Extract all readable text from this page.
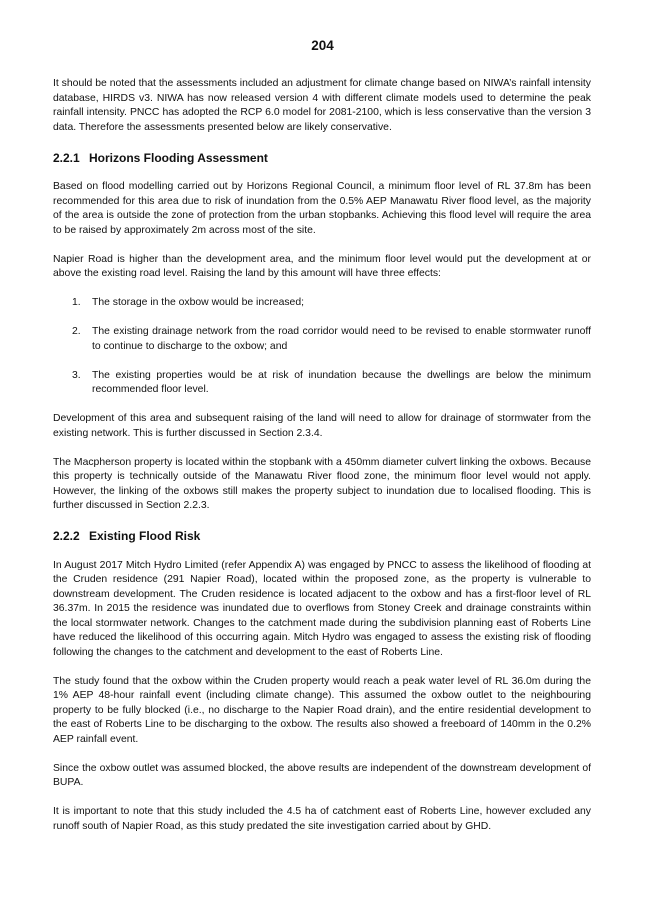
204

It should be noted that the assessments included an adjustment for climate change based on NIWA’s rainfall intensity database, HIRDS v3. NIWA has now released version 4 with different climate models used to determine the peak rainfall intensity. PNCC has adopted the RCP 6.0 model for 2081-2100, which is less conservative than the version 3 data. Therefore the assessments presented below are likely conservative.

2.2.1 Horizons Flooding Assessment

Based on flood modelling carried out by Horizons Regional Council, a minimum floor level of RL 37.8m has been recommended for this area due to risk of inundation from the 0.5% AEP Manawatu River flood level, as the majority of the area is outside the zone of protection from the urban stopbanks. Achieving this flood level will require the area to be raised by approximately 2m across most of the site.

Napier Road is higher than the development area, and the minimum floor level would put the development at or above the existing road level. Raising the land by this amount will have three effects:

1. The storage in the oxbow would be increased;
2. The existing drainage network from the road corridor would need to be revised to enable stormwater runoff to continue to discharge to the oxbow; and
3. The existing properties would be at risk of inundation because the dwellings are below the minimum recommended floor level.

Development of this area and subsequent raising of the land will need to allow for drainage of stormwater from the existing network. This is further discussed in Section 2.3.4.

The Macpherson property is located within the stopbank with a 450mm diameter culvert linking the oxbows. Because this property is technically outside of the Manawatu River flood zone, the minimum floor level would not apply. However, the linking of the oxbows still makes the property subject to inundation due to localised flooding. This is further discussed in Section 2.2.3.

2.2.2 Existing Flood Risk

In August 2017 Mitch Hydro Limited (refer Appendix A) was engaged by PNCC to assess the likelihood of flooding at the Cruden residence (291 Napier Road), located within the proposed zone, as the property is vulnerable to downstream development. The Cruden residence is located adjacent to the oxbow and has a first-floor level of RL 36.37m. In 2015 the residence was inundated due to overflows from Stoney Creek and drainage constraints within the local stormwater network. Changes to the catchment made during the subdivision planning east of Roberts Line have reduced the likelihood of this occurring again. Mitch Hydro was engaged to assess the existing risk of flooding following the changes to the catchment and development to the east of Roberts Line.

The study found that the oxbow within the Cruden property would reach a peak water level of RL 36.0m during the 1% AEP 48-hour rainfall event (including climate change). This assumed the oxbow outlet to the neighbouring property to be fully blocked (i.e., no discharge to the Napier Road drain), and the entire residential development to the east of Roberts Line to be discharging to the oxbow. The results also showed a freeboard of 140mm in the 0.2% AEP rainfall event.

Since the oxbow outlet was assumed blocked, the above results are independent of the downstream development of BUPA.

It is important to note that this study included the 4.5 ha of catchment east of Roberts Line, however excluded any runoff south of Napier Road, as this study predated the site investigation carried about by GHD.
